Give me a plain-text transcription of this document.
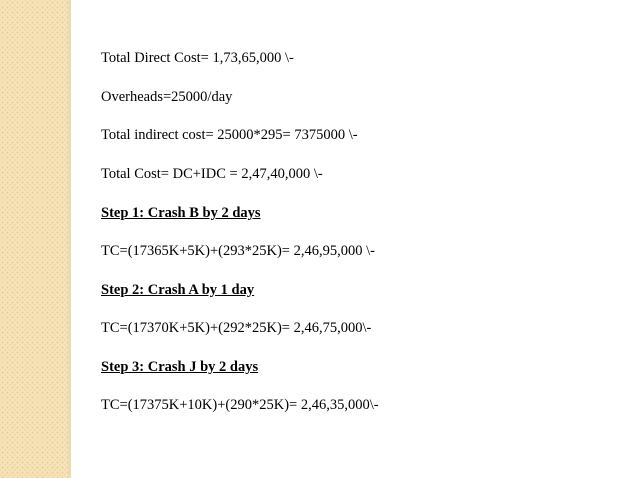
Total Direct Cost= 1,73,65,000 \-
Overheads=25000/day
Total indirect cost= 25000*295= 7375000 \-
Total Cost= DC+IDC = 2,47,40,000 \-
Step 1: Crash B by 2 days
TC=(17365K+5K)+(293*25K)= 2,46,95,000 \-
Step 2: Crash A by 1 day
TC=(17370K+5K)+(292*25K)= 2,46,75,000\-
Step 3: Crash J by 2 days
TC=(17375K+10K)+(290*25K)= 2,46,35,000\-
